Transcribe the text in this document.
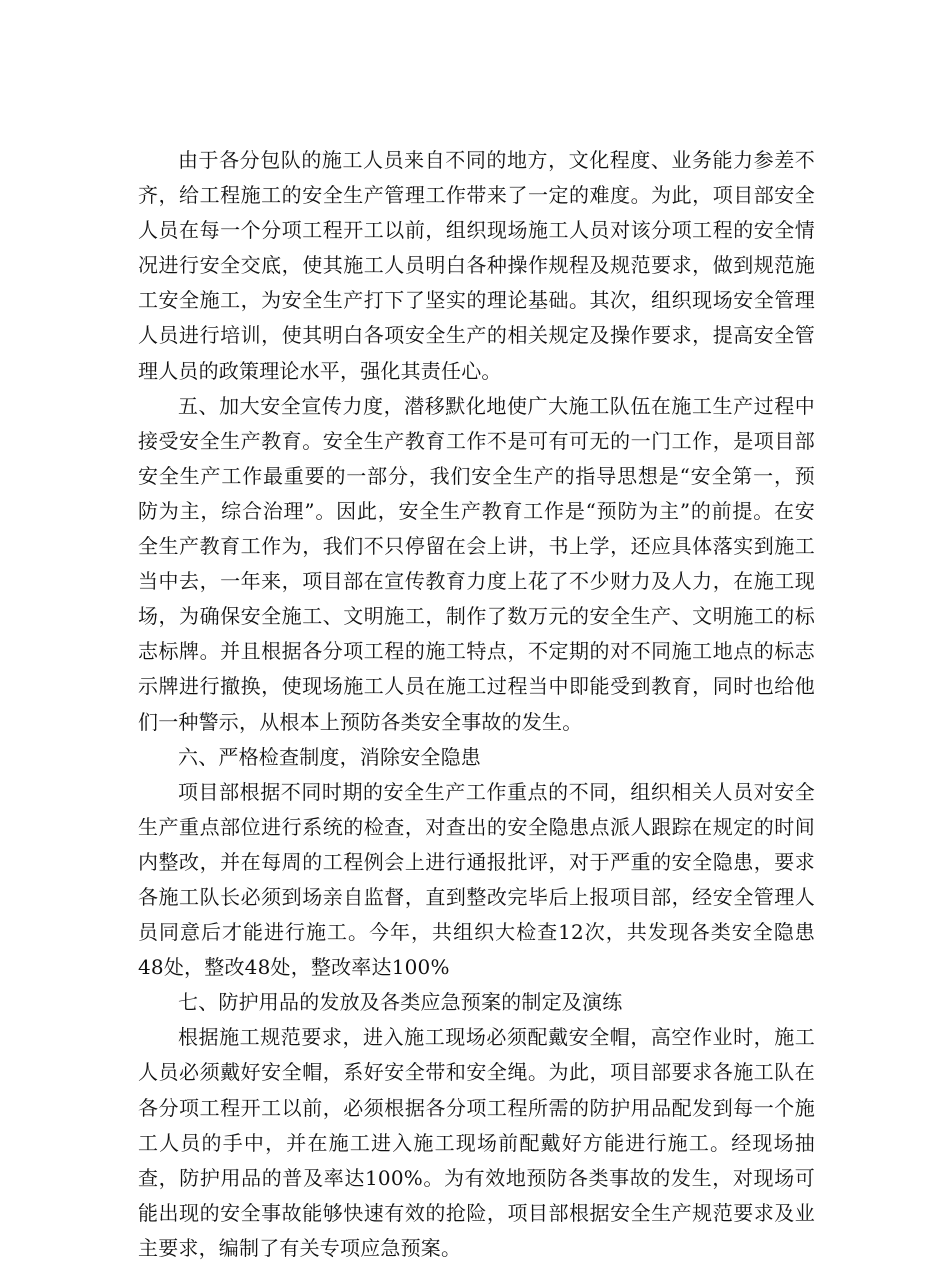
由于各分包队的施工人员来自不同的地方，文化程度、业务能力参差不齐，给工程施工的安全生产管理工作带来了一定的难度。为此，项目部安全人员在每一个分项工程开工以前，组织现场施工人员对该分项工程的安全情况进行安全交底，使其施工人员明白各种操作规程及规范要求，做到规范施工安全施工，为安全生产打下了坚实的理论基础。其次，组织现场安全管理人员进行培训，使其明白各项安全生产的相关规定及操作要求，提高安全管理人员的政策理论水平，强化其责任心。

五、加大安全宣传力度，潜移默化地使广大施工队伍在施工生产过程中接受安全生产教育。安全生产教育工作不是可有可无的一门工作，是项目部安全生产工作最重要的一部分，我们安全生产的指导思想是“安全第一，预防为主，综合治理”。因此，安全生产教育工作是“预防为主”的前提。在安全生产教育工作为，我们不只停留在会上讲，书上学，还应具体落实到施工当中去，一年来，项目部在宣传教育力度上花了不少财力及人力，在施工现场，为确保安全施工、文明施工，制作了数万元的安全生产、文明施工的标志标牌。并且根据各分项工程的施工特点，不定期的对不同施工地点的标志示牌进行撤换，使现场施工人员在施工过程当中即能受到教育，同时也给他们一种警示，从根本上预防各类安全事故的发生。

六、严格检查制度，消除安全隐患

项目部根据不同时期的安全生产工作重点的不同，组织相关人员对安全生产重点部位进行系统的检查，对查出的安全隐患点派人跟踪在规定的时间内整改，并在每周的工程例会上进行通报批评，对于严重的安全隐患，要求各施工队长必须到场亲自监督，直到整改完毕后上报项目部，经安全管理人员同意后才能进行施工。今年，共组织大检查12次，共发现各类安全隐患48处，整改48处，整改率达100%

七、防护用品的发放及各类应急预案的制定及演练

根据施工规范要求，进入施工现场必须配戴安全帽，高空作业时，施工人员必须戴好安全帽，系好安全带和安全绳。为此，项目部要求各施工队在各分项工程开工以前，必须根据各分项工程所需的防护用品配发到每一个施工人员的手中，并在施工进入施工现场前配戴好方能进行施工。经现场抽查，防护用品的普及率达100%。为有效地预防各类事故的发生，对现场可能出现的安全事故能够快速有效的抢险，项目部根据安全生产规范要求及业主要求，编制了有关专项应急预案。
